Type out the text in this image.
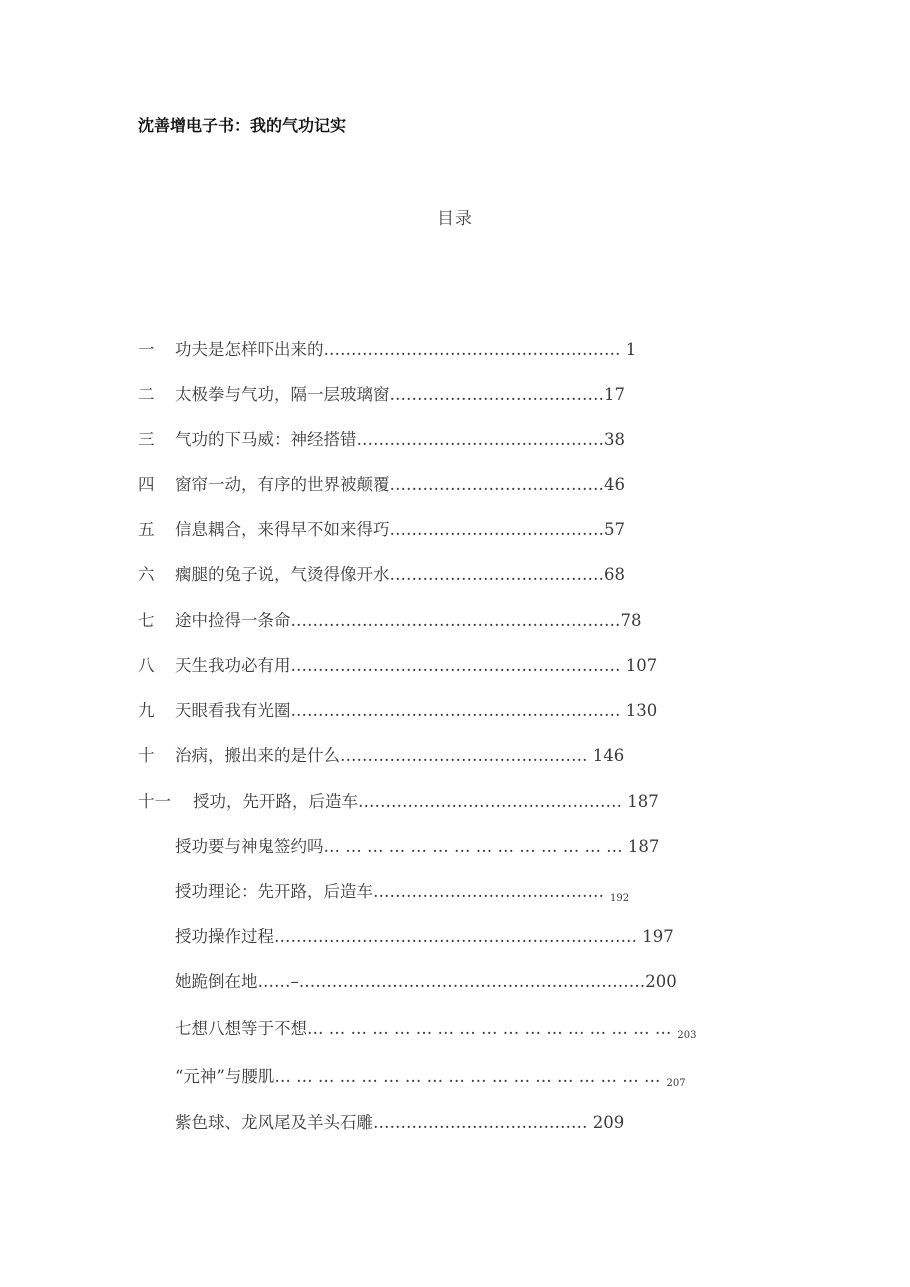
沈善增电子书：我的气功记实
目录
一 功夫是怎样吓出来的……………………………………………… 1
二 太极拳与气功，隔一层玻璃窗…………………………………17
三 气功的下马威：神经搭错………………………………………38
四 窗帘一动，有序的世界被颠覆…………………………………46
五 信息耦合，来得早不如来得巧…………………………………57
六 瘸腿的兔子说，气烫得像开水…………………………………68
七 途中捡得一条命……………………………………………………78
八 天生我功必有用…………………………………………………… 107
九 天眼看我有光圈…………………………………………………… 130
十 治病，搬出来的是什么……………………………………… 146
十一 授功，先开路，后造车………………………………………… 187
授功要与神鬼签约吗… … … … … … … … … … … … … … 187
授功理论：先开路，后造车…………………………………… $_{192}$
授功操作过程………………………………………………………… 197
她跪倒在地……–………………………………………………………200
七想八想等于不想… … … … … … … … … … … … … … … … … $_{203}$
“元神”与腰肌… … … … … … … … … … … … … … … … … … $_{207}$
紫色球、龙风尾及羊头石雕………………………………… 209
